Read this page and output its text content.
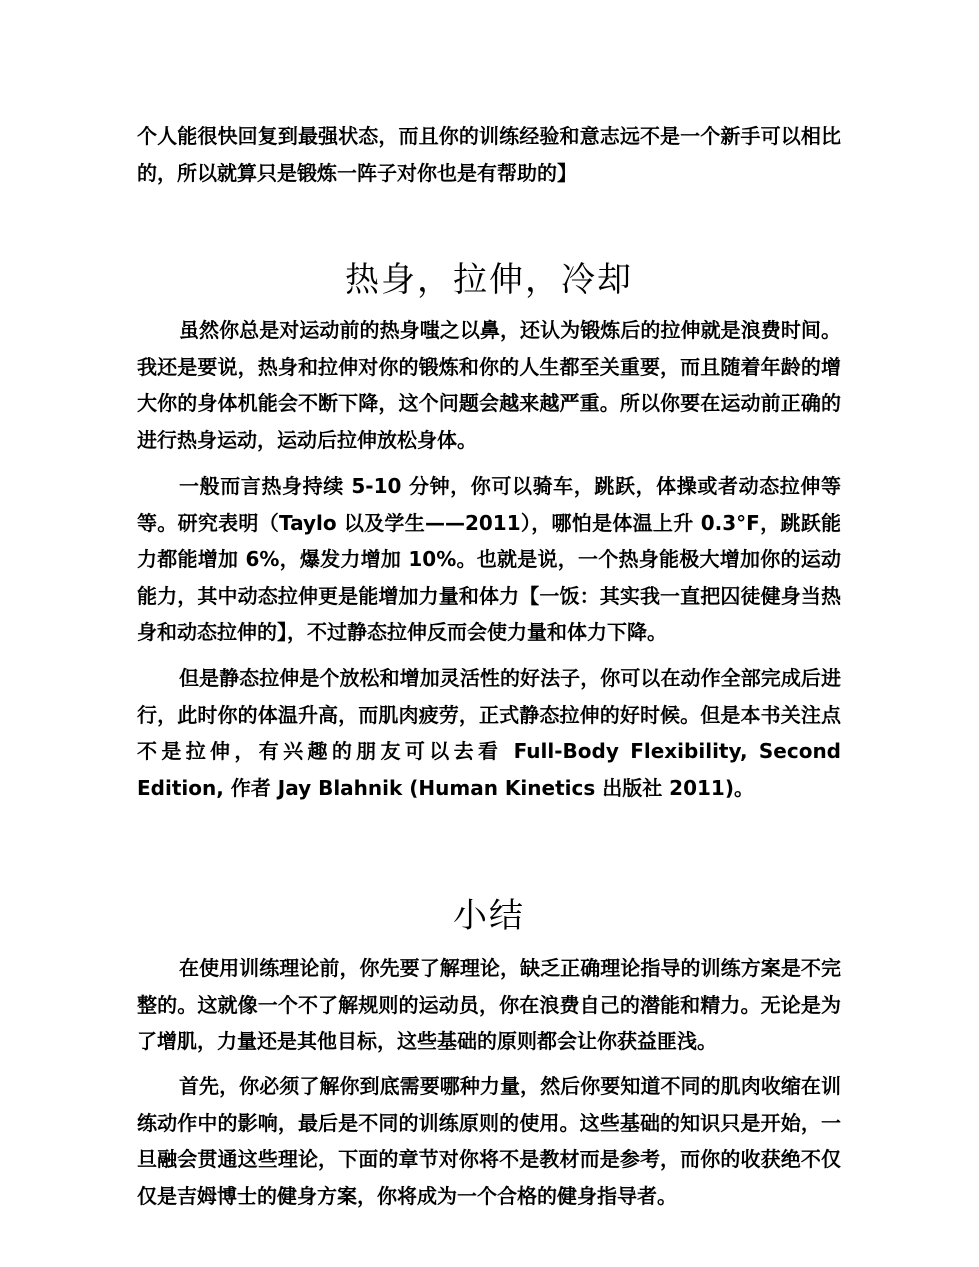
个人能很快回复到最强状态，而且你的训练经验和意志远不是一个新手可以相比的，所以就算只是锻炼一阵子对你也是有帮助的】

热身，拉伸，冷却

虽然你总是对运动前的热身嗤之以鼻，还认为锻炼后的拉伸就是浪费时间。我还是要说，热身和拉伸对你的锻炼和你的人生都至关重要，而且随着年龄的增大你的身体机能会不断下降，这个问题会越来越严重。所以你要在运动前正确的进行热身运动，运动后拉伸放松身体。

一般而言热身持续 5-10 分钟，你可以骑车，跳跃，体操或者动态拉伸等等。研究表明（Taylo 以及学生——2011），哪怕是体温上升 0.3°F，跳跃能力都能增加 6%，爆发力增加 10%。也就是说，一个热身能极大增加你的运动能力，其中动态拉伸更是能增加力量和体力【一饭：其实我一直把囚徒健身当热身和动态拉伸的】，不过静态拉伸反而会使力量和体力下降。

但是静态拉伸是个放松和增加灵活性的好法子，你可以在动作全部完成后进行，此时你的体温升高，而肌肉疲劳，正式静态拉伸的好时候。但是本书关注点不是拉伸，有兴趣的朋友可以去看 Full-Body Flexibility, Second Edition, 作者 Jay Blahnik (Human Kinetics 出版社 2011)。

小结

在使用训练理论前，你先要了解理论，缺乏正确理论指导的训练方案是不完整的。这就像一个不了解规则的运动员，你在浪费自己的潜能和精力。无论是为了增肌，力量还是其他目标，这些基础的原则都会让你获益匪浅。

首先，你必须了解你到底需要哪种力量，然后你要知道不同的肌肉收缩在训练动作中的影响，最后是不同的训练原则的使用。这些基础的知识只是开始，一旦融会贯通这些理论，下面的章节对你将不是教材而是参考，而你的收获绝不仅仅是吉姆博士的健身方案，你将成为一个合格的健身指导者。
